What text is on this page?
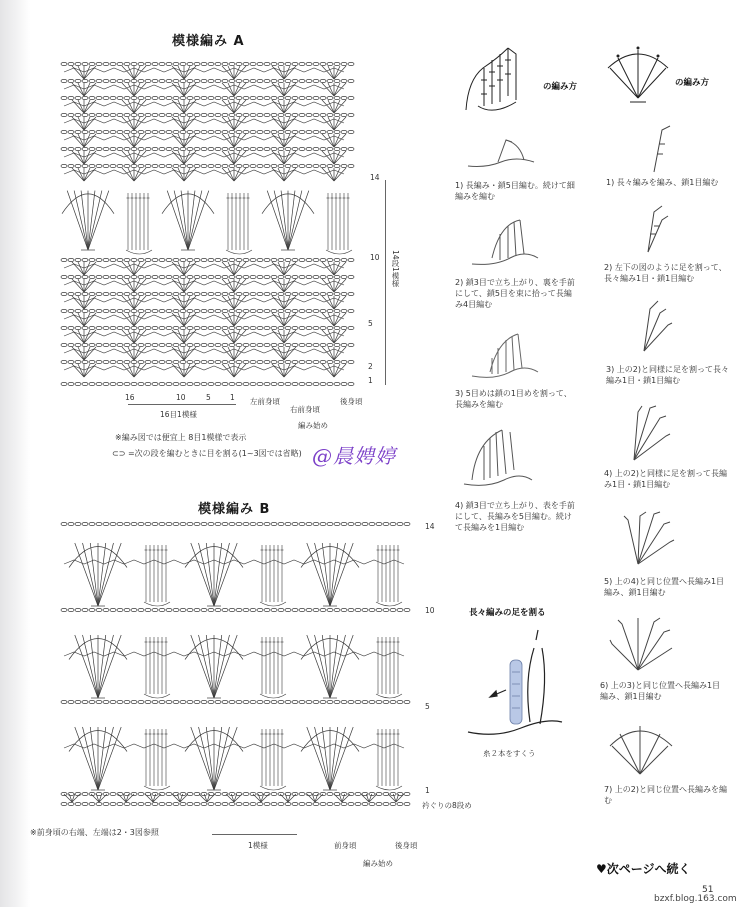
模様編み A
14
10
5
2
1
14段1模様
16	10	5	1
16目1模様
左前身頃
右前身頃
後身頃
編み始め
※編み図では便宜上 8目1模様で表示
⊂⊃ =次の段を編むときに目を割る(1~3図では省略) @晨娉婷
模様編み B
14
10
5
1
衿ぐりの8段め
※前身頃の右端、左端は2・3図参照
1模様	前身頃	後身頃
編み始め
の編み方
1) 長編み・鎖5目編む。続けて細編みを編む
2) 鎖3目で立ち上がり、裏を手前にして、鎖5目を束に拾って長編み4目編む
3) 5目めは鎖の1目めを割って、長編みを編む
4) 鎖3目で立ち上がり、表を手前にして、長編みを5目編む。続けて長編みを1目編む
長々編みの足を割る
糸２本をすくう
の編み方
1) 長々編みを編み、鎖1目編む
2) 左下の図のように足を割って、長々編み1目・鎖1目編む
3) 上の2)と同様に足を割って長々編み1目・鎖1目編む
4) 上の2)と同様に足を割って長編み1目・鎖1目編む
5) 上の4)と同じ位置へ長編み1目編み、鎖1目編む
6) 上の3)と同じ位置へ長編み1目編み、鎖1目編む
7) 上の2)と同じ位置へ長編みを編む
♥次ページへ続く
51
bzxf.blog.163.com
